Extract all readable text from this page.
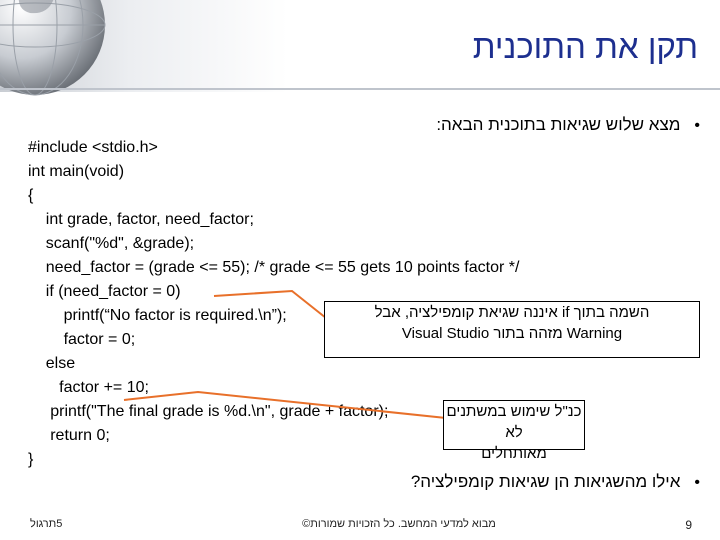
תקן את התוכנית
•מצא שלוש שגיאות בתוכנית הבאה:
#include <stdio.h>
int main(void)
{
int grade, factor, need_factor;
scanf("%d", &grade);
need_factor = (grade <= 55); /* grade <= 55 gets 10 points factor */
if (need_factor = 0)
printf(“No factor is required.\n”);
factor = 0;
else
factor += 10;
printf("The final grade is %d.\n", grade + factor);
return 0;
}
השמה בתוך if איננה שגיאת קומפילציה, אבל
Warning מזהה בתור Visual Studio
כנ"ל שימוש במשתנים לא
מאותחלים
•אילו מהשגיאות הן שגיאות קומפילציה?
5תרגול	מבוא למדעי המחשב. כל הזכויות שמורות©	9
